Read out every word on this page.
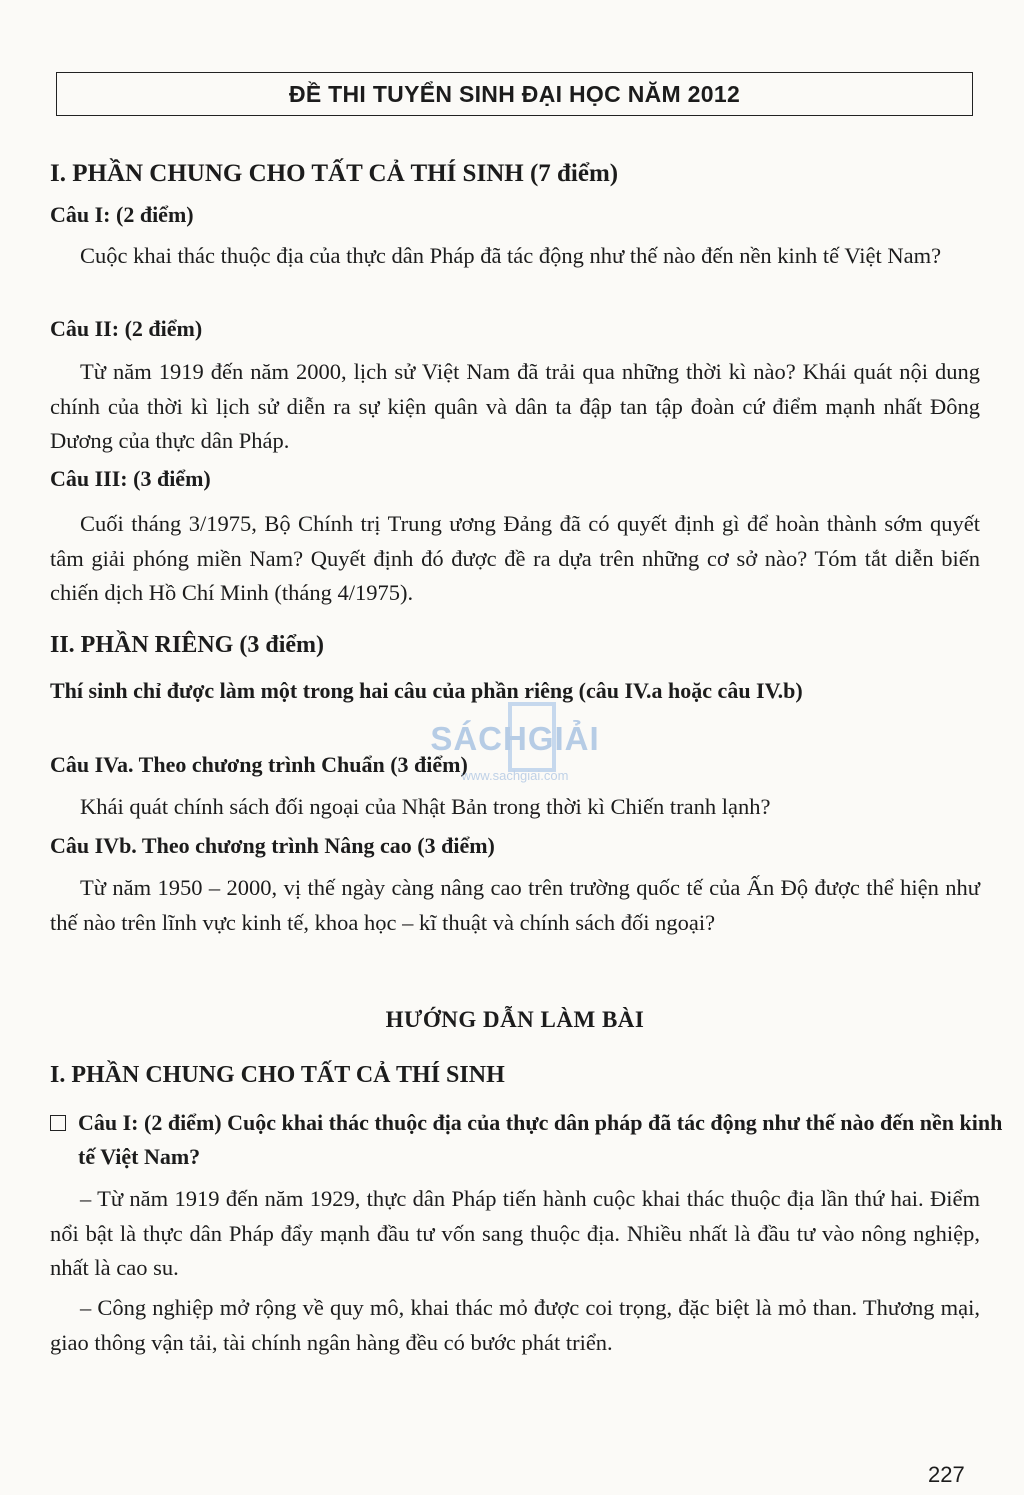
ĐỀ THI TUYỂN SINH ĐẠI HỌC NĂM 2012
I. PHẦN CHUNG CHO TẤT CẢ THÍ SINH (7 điểm)
Câu I: (2 điểm)
Cuộc khai thác thuộc địa của thực dân Pháp đã tác động như thế nào đến nền kinh tế Việt Nam?
Câu II: (2 điểm)
Từ năm 1919 đến năm 2000, lịch sử Việt Nam đã trải qua những thời kì nào? Khái quát nội dung chính của thời kì lịch sử diễn ra sự kiện quân và dân ta đập tan tập đoàn cứ điểm mạnh nhất Đông Dương của thực dân Pháp.
Câu III: (3 điểm)
Cuối tháng 3/1975, Bộ Chính trị Trung ương Đảng đã có quyết định gì để hoàn thành sớm quyết tâm giải phóng miền Nam? Quyết định đó được đề ra dựa trên những cơ sở nào? Tóm tắt diễn biến chiến dịch Hồ Chí Minh (tháng 4/1975).
II. PHẦN RIÊNG (3 điểm)
Thí sinh chỉ được làm một trong hai câu của phần riêng (câu IV.a hoặc câu IV.b)
Câu IVa. Theo chương trình Chuẩn (3 điểm)
Khái quát chính sách đối ngoại của Nhật Bản trong thời kì Chiến tranh lạnh?
Câu IVb. Theo chương trình Nâng cao (3 điểm)
Từ năm 1950 – 2000, vị thế ngày càng nâng cao trên trường quốc tế của Ấn Độ được thể hiện như thế nào trên lĩnh vực kinh tế, khoa học – kĩ thuật và chính sách đối ngoại?
HƯỚNG DẪN LÀM BÀI
I. PHẦN CHUNG CHO TẤT CẢ THÍ SINH
Câu I: (2 điểm) Cuộc khai thác thuộc địa của thực dân pháp đã tác động như thế nào đến nền kinh tế Việt Nam?
– Từ năm 1919 đến năm 1929, thực dân Pháp tiến hành cuộc khai thác thuộc địa lần thứ hai. Điểm nổi bật là thực dân Pháp đẩy mạnh đầu tư vốn sang thuộc địa. Nhiều nhất là đầu tư vào nông nghiệp, nhất là cao su.
– Công nghiệp mở rộng về quy mô, khai thác mỏ được coi trọng, đặc biệt là mỏ than. Thương mại, giao thông vận tải, tài chính ngân hàng đều có bước phát triển.
SÁCHGIẢI
www.sachgiai.com
227
